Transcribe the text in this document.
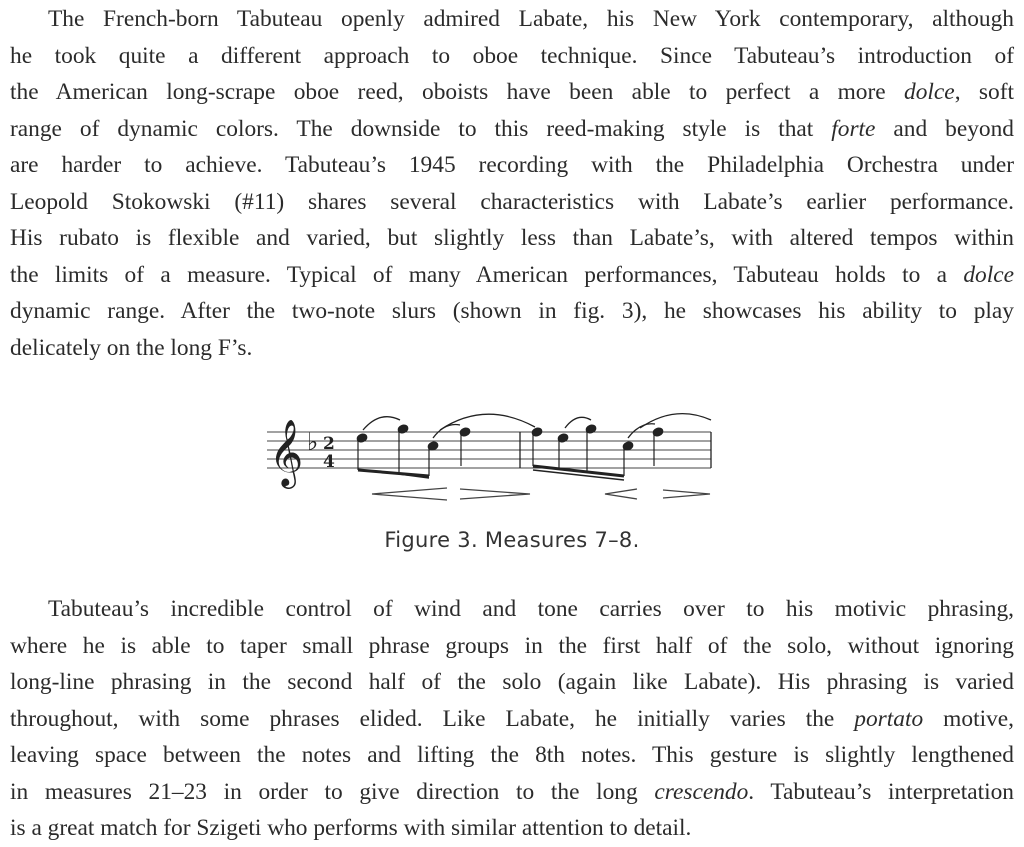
The French-born Tabuteau openly admired Labate, his New York contemporary, although
he took quite a different approach to oboe technique. Since Tabuteau’s introduction of
the American long-scrape oboe reed, oboists have been able to perfect a more dolce, soft
range of dynamic colors. The downside to this reed-making style is that forte and beyond
are harder to achieve. Tabuteau’s 1945 recording with the Philadelphia Orchestra under
Leopold Stokowski (#11) shares several characteristics with Labate’s earlier performance.
His rubato is flexible and varied, but slightly less than Labate’s, with altered tempos within
the limits of a measure. Typical of many American performances, Tabuteau holds to a dolce
dynamic range. After the two-note slurs (shown in fig. 3), he showcases his ability to play
delicately on the long F’s.
𝄞 ♭ 2
4
Figure 3. Measures 7–8.
Tabuteau’s incredible control of wind and tone carries over to his motivic phrasing,
where he is able to taper small phrase groups in the first half of the solo, without ignoring
long-line phrasing in the second half of the solo (again like Labate). His phrasing is varied
throughout, with some phrases elided. Like Labate, he initially varies the portato motive,
leaving space between the notes and lifting the 8th notes. This gesture is slightly lengthened
in measures 21–23 in order to give direction to the long crescendo. Tabuteau’s interpretation
is a great match for Szigeti who performs with similar attention to detail.
